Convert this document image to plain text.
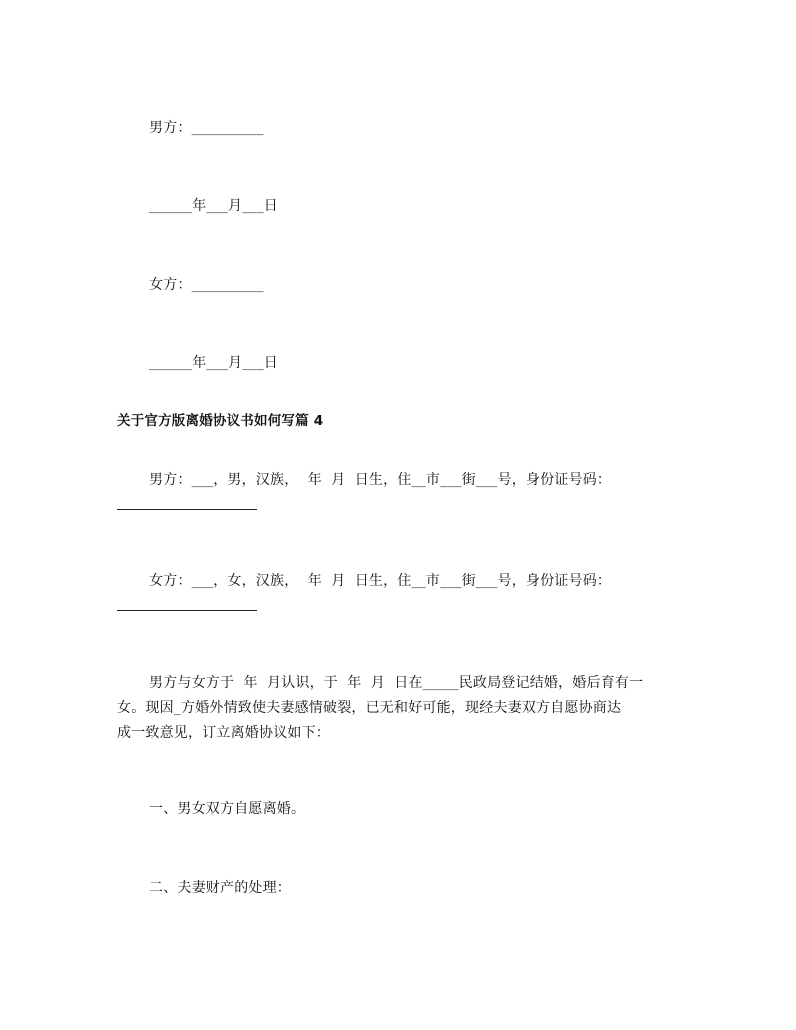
男方：__________
______年___月___日
女方：__________
______年___月___日
关于官方版离婚协议书如何写篇 4
男方：___，男，汉族，  年  月  日生，住__市___街___号，身份证号码：
女方：___，女，汉族，  年  月  日生，住__市___街___号，身份证号码：
男方与女方于  年  月认识，于  年  月  日在_____民政局登记结婚，婚后育有一
女。现因_方婚外情致使夫妻感情破裂，已无和好可能，现经夫妻双方自愿协商达
成一致意见，订立离婚协议如下：
一、男女双方自愿离婚。
二、夫妻财产的处理：
